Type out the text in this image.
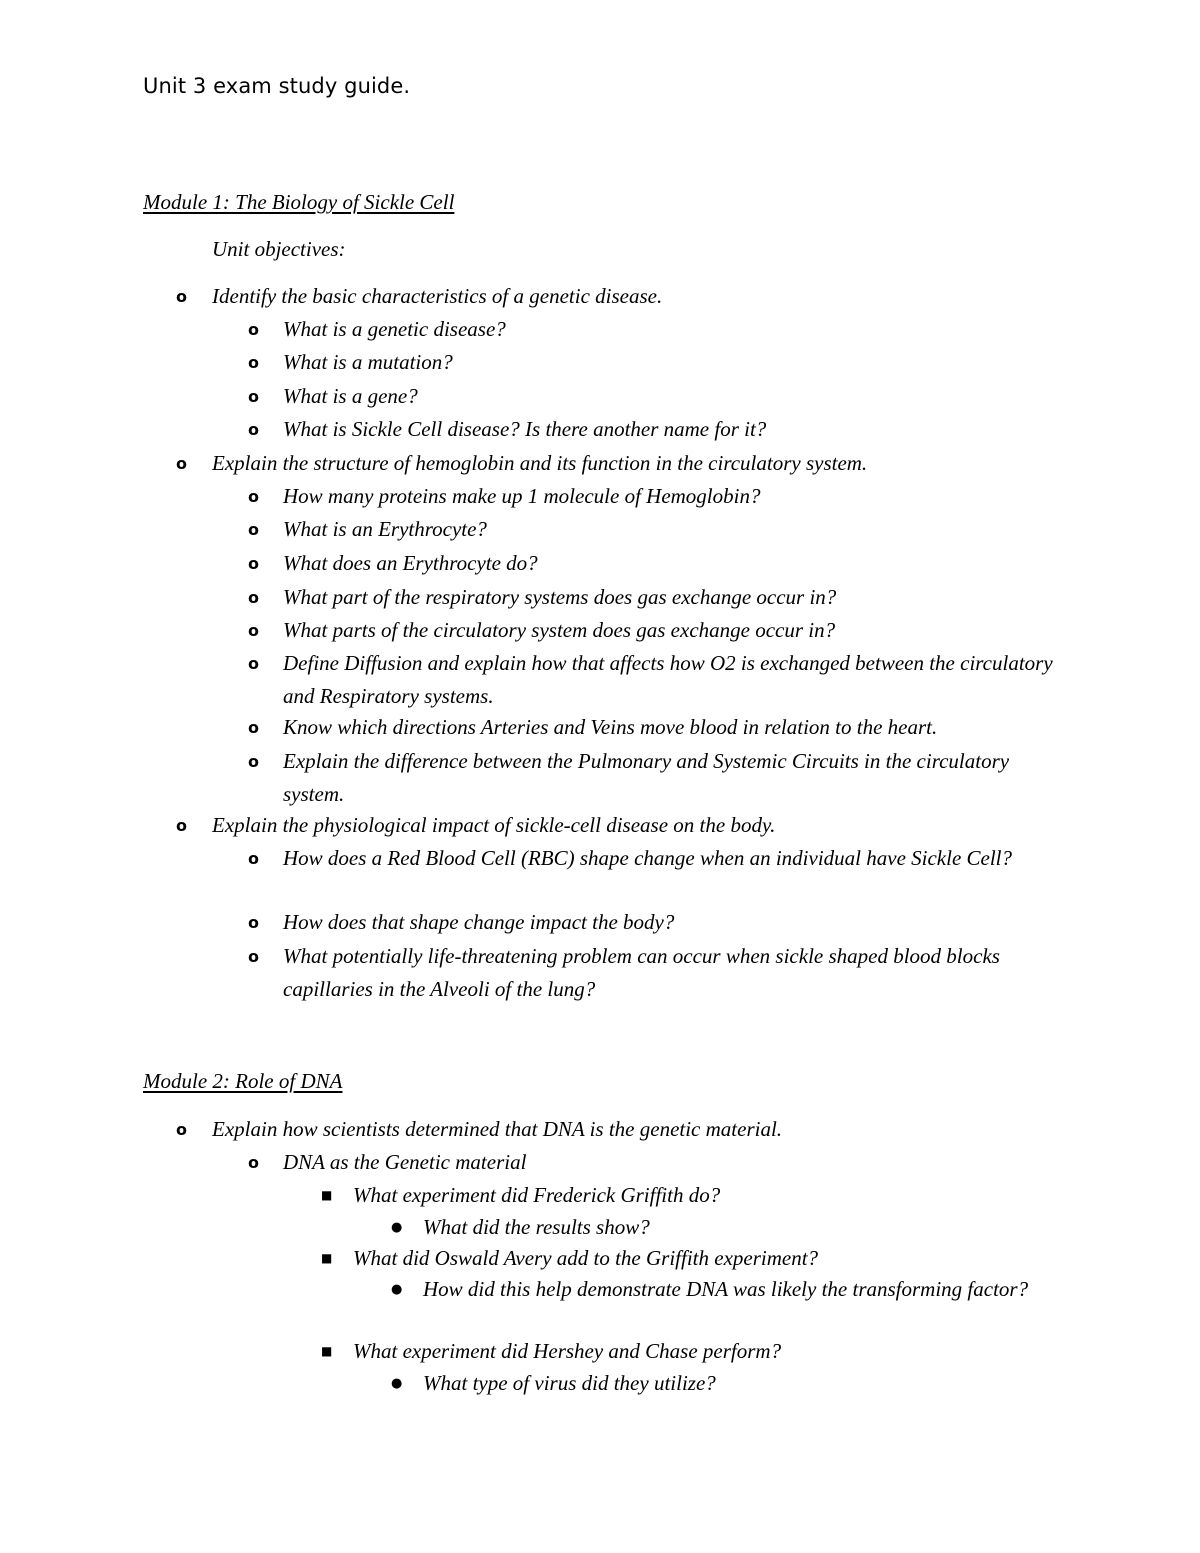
Unit 3 exam study guide.
Module 1: The Biology of Sickle Cell
Unit objectives:
o Identify the basic characteristics of a genetic disease.
o What is a genetic disease?
o What is a mutation?
o What is a gene?
o What is Sickle Cell disease? Is there another name for it?
o Explain the structure of hemoglobin and its function in the circulatory system.
o How many proteins make up 1 molecule of Hemoglobin?
o What is an Erythrocyte?
o What does an Erythrocyte do?
o What part of the respiratory systems does gas exchange occur in?
o What parts of the circulatory system does gas exchange occur in?
o Define Diffusion and explain how that affects how O2 is exchanged between the circulatory and Respiratory systems.
o Know which directions Arteries and Veins move blood in relation to the heart.
o Explain the difference between the Pulmonary and Systemic Circuits in the circulatory system.
o Explain the physiological impact of sickle-cell disease on the body.
o How does a Red Blood Cell (RBC) shape change when an individual have Sickle Cell?
o How does that shape change impact the body?
o What potentially life-threatening problem can occur when sickle shaped blood blocks capillaries in the Alveoli of the lung?
Module 2: Role of DNA
o Explain how scientists determined that DNA is the genetic material.
o DNA as the Genetic material
■ What experiment did Frederick Griffith do?
● What did the results show?
■ What did Oswald Avery add to the Griffith experiment?
● How did this help demonstrate DNA was likely the transforming factor?
■ What experiment did Hershey and Chase perform?
● What type of virus did they utilize?
